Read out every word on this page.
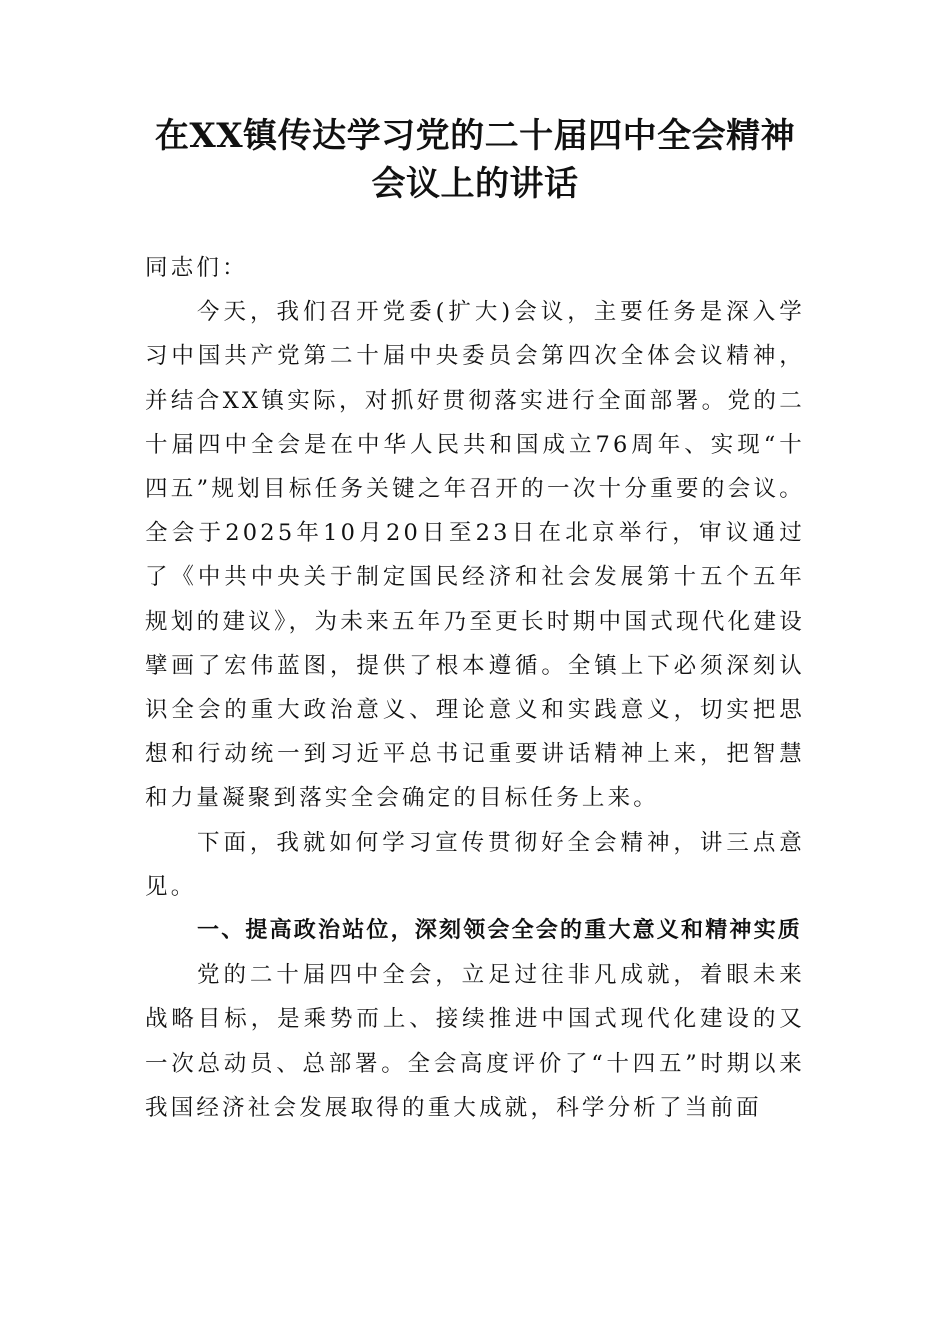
在XX镇传达学习党的二十届四中全会精神
会议上的讲话

同志们：

今天，我们召开党委(扩大)会议，主要任务是深入学习中国共产党第二十届中央委员会第四次全体会议精神，并结合XX镇实际，对抓好贯彻落实进行全面部署。党的二十届四中全会是在中华人民共和国成立76周年、实现“十四五”规划目标任务关键之年召开的一次十分重要的会议。全会于2025年10月20日至23日在北京举行，审议通过了《中共中央关于制定国民经济和社会发展第十五个五年规划的建议》，为未来五年乃至更长时期中国式现代化建设擘画了宏伟蓝图，提供了根本遵循。全镇上下必须深刻认识全会的重大政治意义、理论意义和实践意义，切实把思想和行动统一到习近平总书记重要讲话精神上来，把智慧和力量凝聚到落实全会确定的目标任务上来。

下面，我就如何学习宣传贯彻好全会精神，讲三点意见。

一、提高政治站位，深刻领会全会的重大意义和精神实质

党的二十届四中全会，立足过往非凡成就，着眼未来战略目标，是乘势而上、接续推进中国式现代化建设的又一次总动员、总部署。全会高度评价了“十四五”时期以来我国经济社会发展取得的重大成就，科学分析了当前面
